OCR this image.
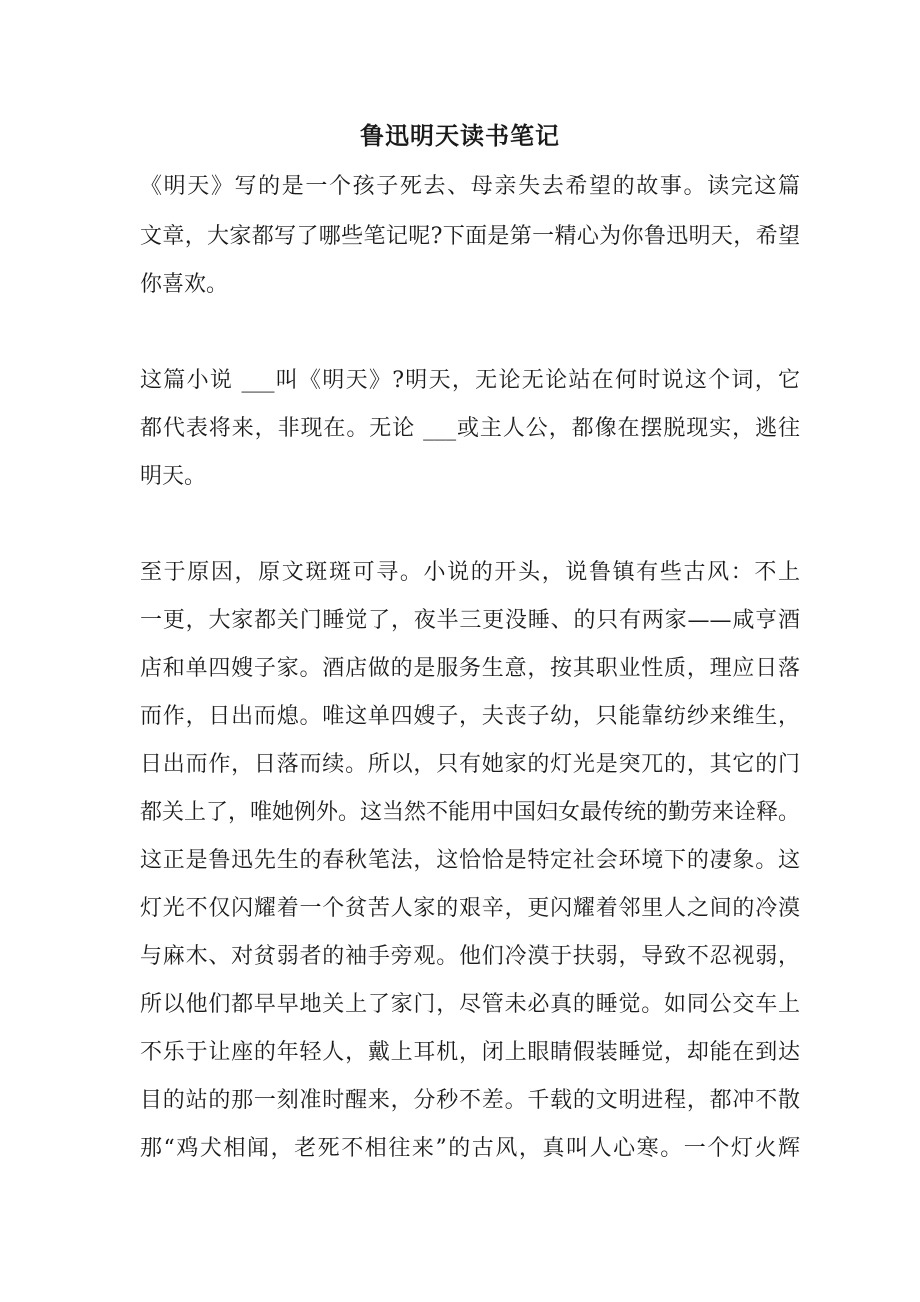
鲁迅明天读书笔记
《明天》写的是一个孩子死去、母亲失去希望的故事。读完这篇
文章，大家都写了哪些笔记呢?下面是第一精心为你鲁迅明天，希望
你喜欢。
这篇小说 ___叫《明天》?明天，无论无论站在何时说这个词，它
都代表将来，非现在。无论 ___或主人公，都像在摆脱现实，逃往
明天。
至于原因，原文斑斑可寻。小说的开头，说鲁镇有些古风：不上
一更，大家都关门睡觉了，夜半三更没睡、的只有两家——咸亨酒
店和单四嫂子家。酒店做的是服务生意，按其职业性质，理应日落
而作，日出而熄。唯这单四嫂子，夫丧子幼，只能靠纺纱来维生，
日出而作，日落而续。所以，只有她家的灯光是突兀的，其它的门
都关上了，唯她例外。这当然不能用中国妇女最传统的勤劳来诠释。
这正是鲁迅先生的春秋笔法，这恰恰是特定社会环境下的凄象。这
灯光不仅闪耀着一个贫苦人家的艰辛，更闪耀着邻里人之间的冷漠
与麻木、对贫弱者的袖手旁观。他们冷漠于扶弱，导致不忍视弱，
所以他们都早早地关上了家门，尽管未必真的睡觉。如同公交车上
不乐于让座的年轻人，戴上耳机，闭上眼睛假装睡觉，却能在到达
目的站的那一刻准时醒来，分秒不差。千载的文明进程，都冲不散
那“鸡犬相闻，老死不相往来”的古风，真叫人心寒。一个灯火辉
